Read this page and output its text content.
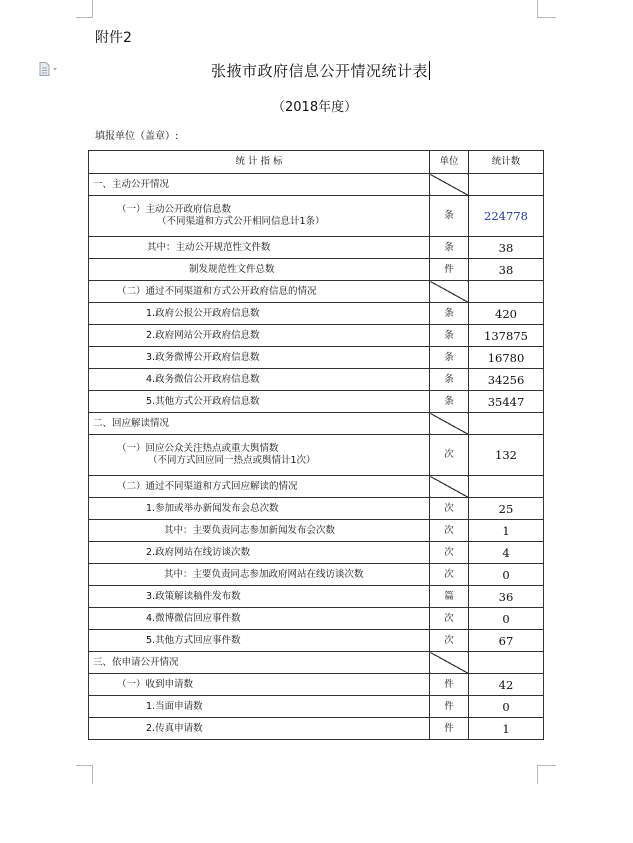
附件2
张掖市政府信息公开情况统计表
（2018年度）
填报单位（盖章）:
统 计 指 标	单位	统计数
一、主动公开情况		
（一）主动公开政府信息数
（不同渠道和方式公开相同信息计1条）	条	224778
其中：主动公开规范性文件数	条	38
制发规范性文件总数	件	38
（二）通过不同渠道和方式公开政府信息的情况		
1.政府公报公开政府信息数	条	420
2.政府网站公开政府信息数	条	137875
3.政务微博公开政府信息数	条	16780
4.政务微信公开政府信息数	条	34256
5.其他方式公开政府信息数	条	35447
二、回应解读情况		
（一）回应公众关注热点或重大舆情数
（不同方式回应同一热点或舆情计1次）	次	132
（二）通过不同渠道和方式回应解读的情况		
1.参加或举办新闻发布会总次数	次	25
其中：主要负责同志参加新闻发布会次数	次	1
2.政府网站在线访谈次数	次	4
其中：主要负责同志参加政府网站在线访谈次数	次	0
3.政策解读稿件发布数	篇	36
4.微博微信回应事件数	次	0
5.其他方式回应事件数	次	67
三、依申请公开情况		
（一）收到申请数	件	42
1.当面申请数	件	0
2.传真申请数	件	1
